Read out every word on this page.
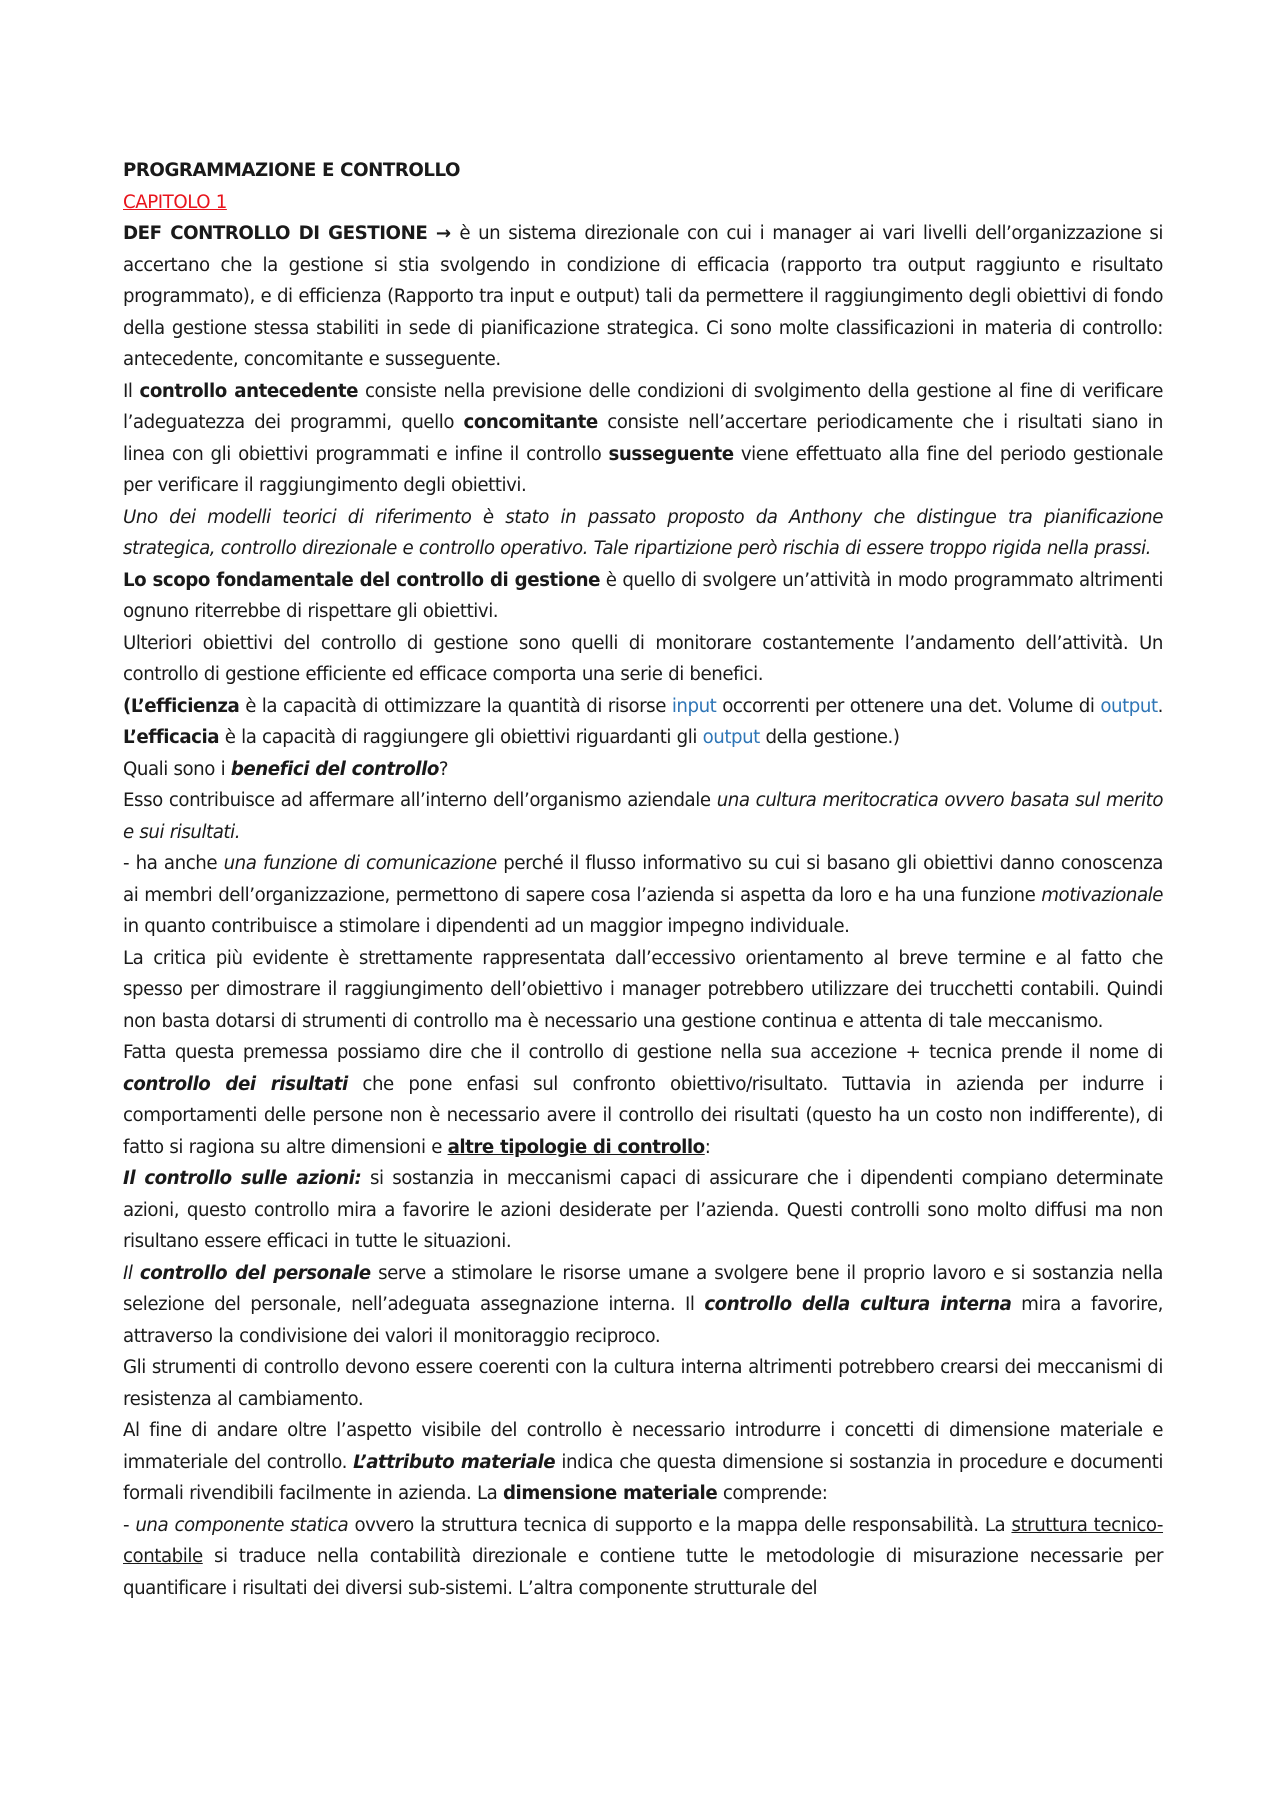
PROGRAMMAZIONE E CONTROLLO

CAPITOLO 1

DEF CONTROLLO DI GESTIONE → è un sistema direzionale con cui i manager ai vari livelli dell’organizzazione si accertano che la gestione si stia svolgendo in condizione di efficacia (rapporto tra output raggiunto e risultato programmato), e di efficienza (Rapporto tra input e output) tali da permettere il raggiungimento degli obiettivi di fondo della gestione stessa stabiliti in sede di pianificazione strategica. Ci sono molte classificazioni in materia di controllo: antecedente, concomitante e susseguente.

Il controllo antecedente consiste nella previsione delle condizioni di svolgimento della gestione al fine di verificare l’adeguatezza dei programmi, quello concomitante consiste nell’accertare periodicamente che i risultati siano in linea con gli obiettivi programmati e infine il controllo susseguente viene effettuato alla fine del periodo gestionale per verificare il raggiungimento degli obiettivi.

Uno dei modelli teorici di riferimento è stato in passato proposto da Anthony che distingue tra pianificazione strategica, controllo direzionale e controllo operativo. Tale ripartizione però rischia di essere troppo rigida nella prassi.

Lo scopo fondamentale del controllo di gestione è quello di svolgere un’attività in modo programmato altrimenti ognuno riterrebbe di rispettare gli obiettivi.

Ulteriori obiettivi del controllo di gestione sono quelli di monitorare costantemente l’andamento dell’attività. Un controllo di gestione efficiente ed efficace comporta una serie di benefici.

(L’efficienza è la capacità di ottimizzare la quantità di risorse input occorrenti per ottenere una det. Volume di output. L’efficacia è la capacità di raggiungere gli obiettivi riguardanti gli output della gestione.)

Quali sono i benefici del controllo?

Esso contribuisce ad affermare all’interno dell’organismo aziendale una cultura meritocratica ovvero basata sul merito e sui risultati.

- ha anche una funzione di comunicazione perché il flusso informativo su cui si basano gli obiettivi danno conoscenza ai membri dell’organizzazione, permettono di sapere cosa l’azienda si aspetta da loro e ha una funzione motivazionale in quanto contribuisce a stimolare i dipendenti ad un maggior impegno individuale.

La critica più evidente è strettamente rappresentata dall’eccessivo orientamento al breve termine e al fatto che spesso per dimostrare il raggiungimento dell’obiettivo i manager potrebbero utilizzare dei trucchetti contabili. Quindi non basta dotarsi di strumenti di controllo ma è necessario una gestione continua e attenta di tale meccanismo.

Fatta questa premessa possiamo dire che il controllo di gestione nella sua accezione + tecnica prende il nome di controllo dei risultati che pone enfasi sul confronto obiettivo/risultato. Tuttavia in azienda per indurre i comportamenti delle persone non è necessario avere il controllo dei risultati (questo ha un costo non indifferente), di fatto si ragiona su altre dimensioni e altre tipologie di controllo:

Il controllo sulle azioni: si sostanzia in meccanismi capaci di assicurare che i dipendenti compiano determinate azioni, questo controllo mira a favorire le azioni desiderate per l’azienda. Questi controlli sono molto diffusi ma non risultano essere efficaci in tutte le situazioni.

Il controllo del personale serve a stimolare le risorse umane a svolgere bene il proprio lavoro e si sostanzia nella selezione del personale, nell’adeguata assegnazione interna. Il controllo della cultura interna mira a favorire, attraverso la condivisione dei valori il monitoraggio reciproco.

Gli strumenti di controllo devono essere coerenti con la cultura interna altrimenti potrebbero crearsi dei meccanismi di resistenza al cambiamento.

Al fine di andare oltre l’aspetto visibile del controllo è necessario introdurre i concetti di dimensione materiale e immateriale del controllo. L’attributo materiale indica che questa dimensione si sostanzia in procedure e documenti formali rivendibili facilmente in azienda. La dimensione materiale comprende:

- una componente statica ovvero la struttura tecnica di supporto e la mappa delle responsabilità. La struttura tecnico-contabile si traduce nella contabilità direzionale e contiene tutte le metodologie di misurazione necessarie per quantificare i risultati dei diversi sub-sistemi. L’altra componente strutturale del
